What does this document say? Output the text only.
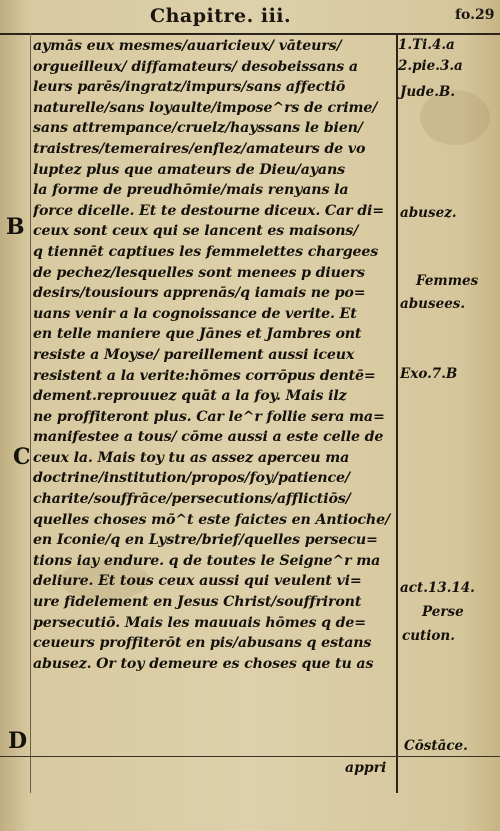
Chapitre. iii.	fo.29
B
C
D
aymās eux mesmes/auaricieux/ vāteurs/
orgueilleux/ diffamateurs/ desobeissans a
leurs parēs/ingratz/impurs/sans affectiō
naturelle/sans loyaulte/impose^rs de crime/
sans attrempance/cruelz/hayssans le bien/
traistres/temeraires/enflez/amateurs de vo
luptez plus que amateurs de Dieu/ayans
la forme de preudhōmie/mais renyans la
force dicelle. Et te destourne diceux. Car di=
ceux sont ceux qui se lancent es maisons/
q tiennēt captiues les femmelettes chargees
de pechez/lesquelles sont menees p diuers
desirs/tousiours apprenās/q iamais ne po=
uans venir a la cognoissance de verite. Et
en telle maniere que Jānes et Jambres ont
resiste a Moyse/ pareillement aussi iceux
resistent a la verite:hōmes corrōpus dentē=
dement.reprouuez quāt a la foy. Mais ilz
ne proffiteront plus. Car le^r follie sera ma=
manifestee a tous/ cōme aussi a este celle de
ceux la. Mais toy tu as assez aperceu ma
doctrine/institution/propos/foy/patience/
charite/souffrāce/persecutions/afflictiōs/
quelles choses mō^t este faictes en Antioche/
en Iconie/q en Lystre/brief/quelles persecu=
tions iay endure. q de toutes le Seigne^r ma
deliure. Et tous ceux aussi qui veulent vi=
ure fidelement en Jesus Christ/souffriront
persecutiō. Mais les mauuais hōmes q de=
ceueurs proffiterōt en pis/abusans q estans
abusez. Or toy demeure es choses que tu as
appri
1.Ti.4.a
2.pie.3.a
Jude.B.
abusez.
Femmes
abusees.
Exo.7.B
act.13.14.
Perse
cution.
Cōstāce.
